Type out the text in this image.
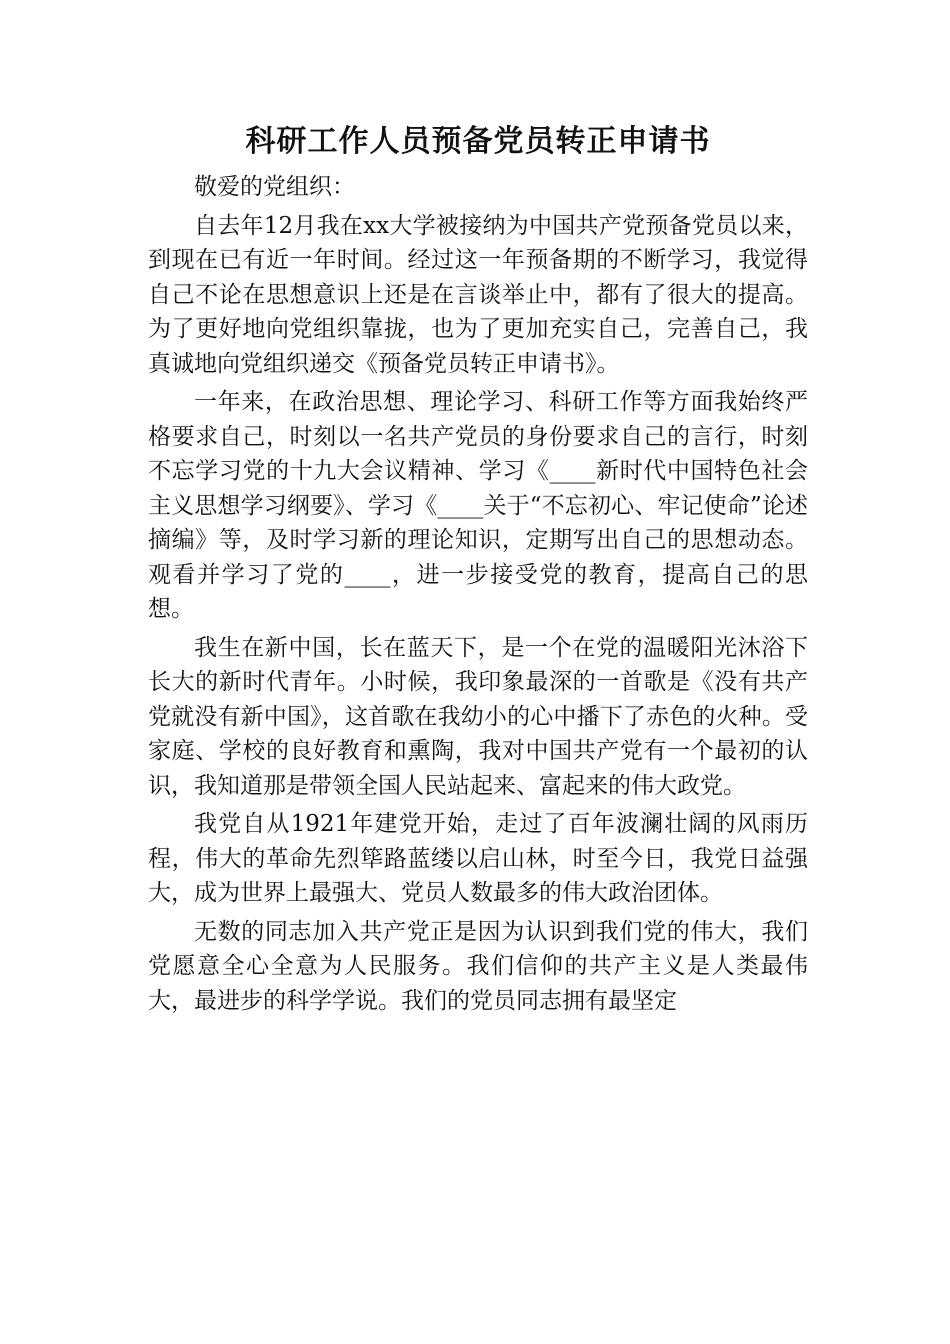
科研工作人员预备党员转正申请书

敬爱的党组织：

自去年12月我在xx大学被接纳为中国共产党预备党员以来，到现在已有近一年时间。经过这一年预备期的不断学习，我觉得自己不论在思想意识上还是在言谈举止中，都有了很大的提高。为了更好地向党组织靠拢，也为了更加充实自己，完善自己，我真诚地向党组织递交《预备党员转正申请书》。

一年来，在政治思想、理论学习、科研工作等方面我始终严格要求自己，时刻以一名共产党员的身份要求自己的言行，时刻不忘学习党的十九大会议精神、学习《____新时代中国特色社会主义思想学习纲要》、学习《____关于“不忘初心、牢记使命”论述摘编》等，及时学习新的理论知识，定期写出自己的思想动态。观看并学习了党的____，进一步接受党的教育，提高自己的思想。

我生在新中国，长在蓝天下，是一个在党的温暖阳光沐浴下长大的新时代青年。小时候，我印象最深的一首歌是《没有共产党就没有新中国》，这首歌在我幼小的心中播下了赤色的火种。受家庭、学校的良好教育和熏陶，我对中国共产党有一个最初的认识，我知道那是带领全国人民站起来、富起来的伟大政党。

我党自从1921年建党开始，走过了百年波澜壮阔的风雨历程，伟大的革命先烈筚路蓝缕以启山林，时至今日，我党日益强大，成为世界上最强大、党员人数最多的伟大政治团体。

无数的同志加入共产党正是因为认识到我们党的伟大，我们党愿意全心全意为人民服务。我们信仰的共产主义是人类最伟大，最进步的科学学说。我们的党员同志拥有最坚定
